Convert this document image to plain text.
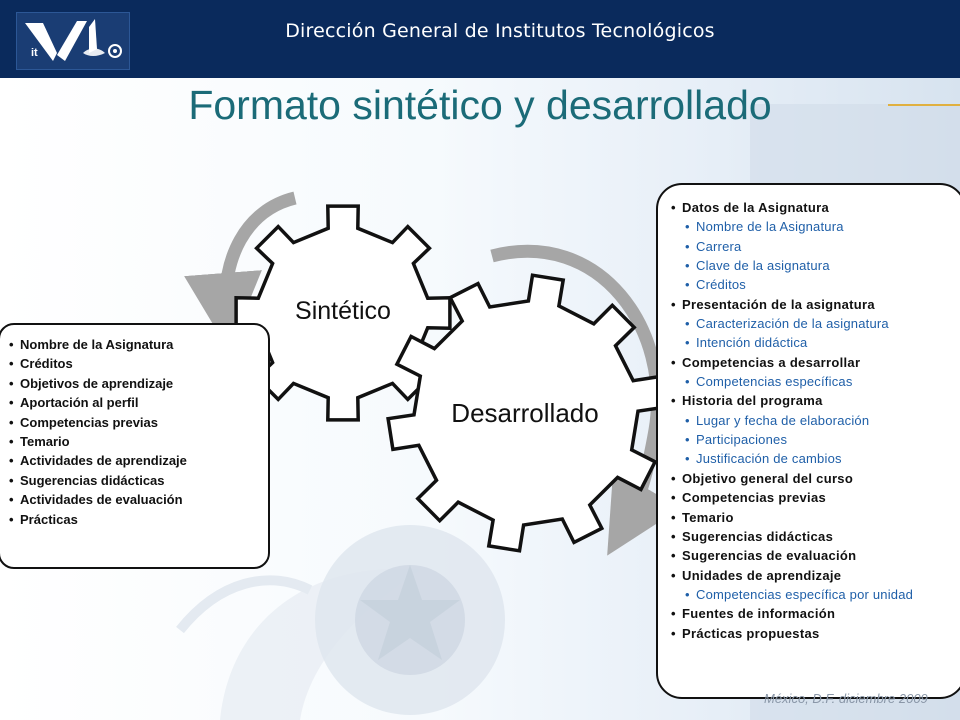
it
Dirección General de Institutos Tecnológicos
Formato sintético y desarrollado
Sintético
Desarrollado
• Nombre de la Asignatura
• Créditos
• Objetivos de aprendizaje
• Aportación al perfil
• Competencias previas
• Temario
• Actividades de aprendizaje
• Sugerencias didácticas
• Actividades de evaluación
• Prácticas
• Datos de la Asignatura
• Nombre de la Asignatura
• Carrera
• Clave de la asignatura
• Créditos
• Presentación de la asignatura
• Caracterización de la asignatura
• Intención didáctica
• Competencias a desarrollar
• Competencias específicas
• Historia del programa
• Lugar y fecha de elaboración
• Participaciones
• Justificación de cambios
• Objetivo general del curso
• Competencias previas
• Temario
• Sugerencias didácticas
• Sugerencias de evaluación
• Unidades de aprendizaje
• Competencias específica por unidad
• Fuentes de información
• Prácticas propuestas
México, D.F. diciembre 2009
